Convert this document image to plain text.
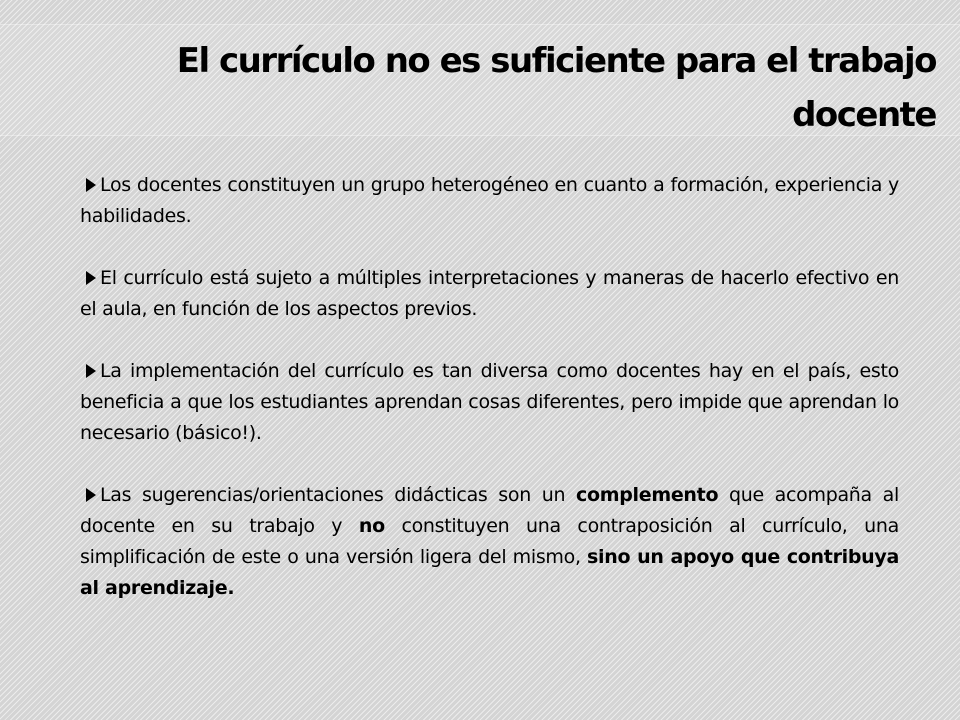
El currículo no es suficiente para el trabajo
docente
Los docentes constituyen un grupo heterogéneo en cuanto a formación, experiencia y habilidades.
El currículo está sujeto a múltiples interpretaciones y maneras de hacerlo efectivo en el aula, en función de los aspectos previos.
La implementación del currículo es tan diversa como docentes hay en el país, esto beneficia a que los estudiantes aprendan cosas diferentes, pero impide que aprendan lo necesario (básico!).
Las sugerencias/orientaciones didácticas son un complemento que acompaña al docente en su trabajo y no constituyen una contraposición al currículo, una simplificación de este o una versión ligera del mismo, sino un apoyo que contribuya al aprendizaje.
